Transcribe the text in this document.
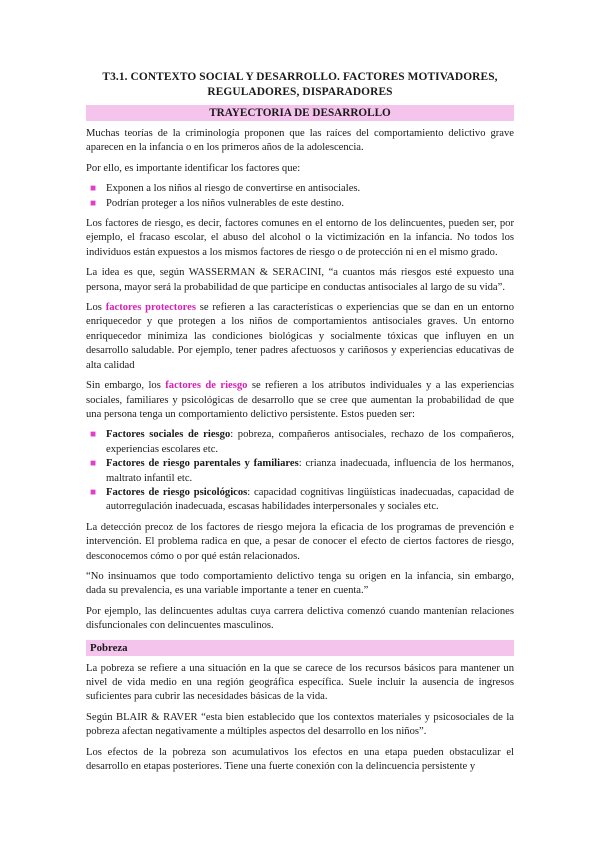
T3.1. CONTEXTO SOCIAL Y DESARROLLO. FACTORES MOTIVADORES,
REGULADORES, DISPARADORES
TRAYECTORIA DE DESARROLLO

Muchas teorías de la criminología proponen que las raíces del comportamiento delictivo grave aparecen en la infancia o en los primeros años de la adolescencia.

Por ello, es importante identificar los factores que:

■ Exponen a los niños al riesgo de convertirse en antisociales.
■ Podrían proteger a los niños vulnerables de este destino.

Los factores de riesgo, es decir, factores comunes en el entorno de los delincuentes, pueden ser, por ejemplo, el fracaso escolar, el abuso del alcohol o la victimización en la infancia. No todos los individuos están expuestos a los mismos factores de riesgo o de protección ni en el mismo grado.

La idea es que, según WASSERMAN & SERACINI, “a cuantos más riesgos esté expuesto una persona, mayor será la probabilidad de que participe en conductas antisociales al largo de su vida”.

Los factores protectores se refieren a las características o experiencias que se dan en un entorno enriquecedor y que protegen a los niños de comportamientos antisociales graves. Un entorno enriquecedor minimiza las condiciones biológicas y socialmente tóxicas que influyen en un desarrollo saludable. Por ejemplo, tener padres afectuosos y cariñosos y experiencias educativas de alta calidad

Sin embargo, los factores de riesgo se refieren a los atributos individuales y a las experiencias sociales, familiares y psicológicas de desarrollo que se cree que aumentan la probabilidad de que una persona tenga un comportamiento delictivo persistente. Estos pueden ser:

■ Factores sociales de riesgo: pobreza, compañeros antisociales, rechazo de los compañeros, experiencias escolares etc.
■ Factores de riesgo parentales y familiares: crianza inadecuada, influencia de los hermanos, maltrato infantil etc.
■ Factores de riesgo psicológicos: capacidad cognitivas lingüísticas inadecuadas, capacidad de autorregulación inadecuada, escasas habilidades interpersonales y sociales etc.

La detección precoz de los factores de riesgo mejora la eficacia de los programas de prevención e intervención. El problema radica en que, a pesar de conocer el efecto de ciertos factores de riesgo, desconocemos cómo o por qué están relacionados.

“No insinuamos que todo comportamiento delictivo tenga su origen en la infancia, sin embargo, dada su prevalencia, es una variable importante a tener en cuenta.”

Por ejemplo, las delincuentes adultas cuya carrera delictiva comenzó cuando mantenían relaciones disfuncionales con delincuentes masculinos.

Pobreza

La pobreza se refiere a una situación en la que se carece de los recursos básicos para mantener un nivel de vida medio en una región geográfica específica. Suele incluir la ausencia de ingresos suficientes para cubrir las necesidades básicas de la vida.

Según BLAIR & RAVER “esta bien establecido que los contextos materiales y psicosociales de la pobreza afectan negativamente a múltiples aspectos del desarrollo en los niños”.

Los efectos de la pobreza son acumulativos los efectos en una etapa pueden obstaculizar el desarrollo en etapas posteriores. Tiene una fuerte conexión con la delincuencia persistente y
